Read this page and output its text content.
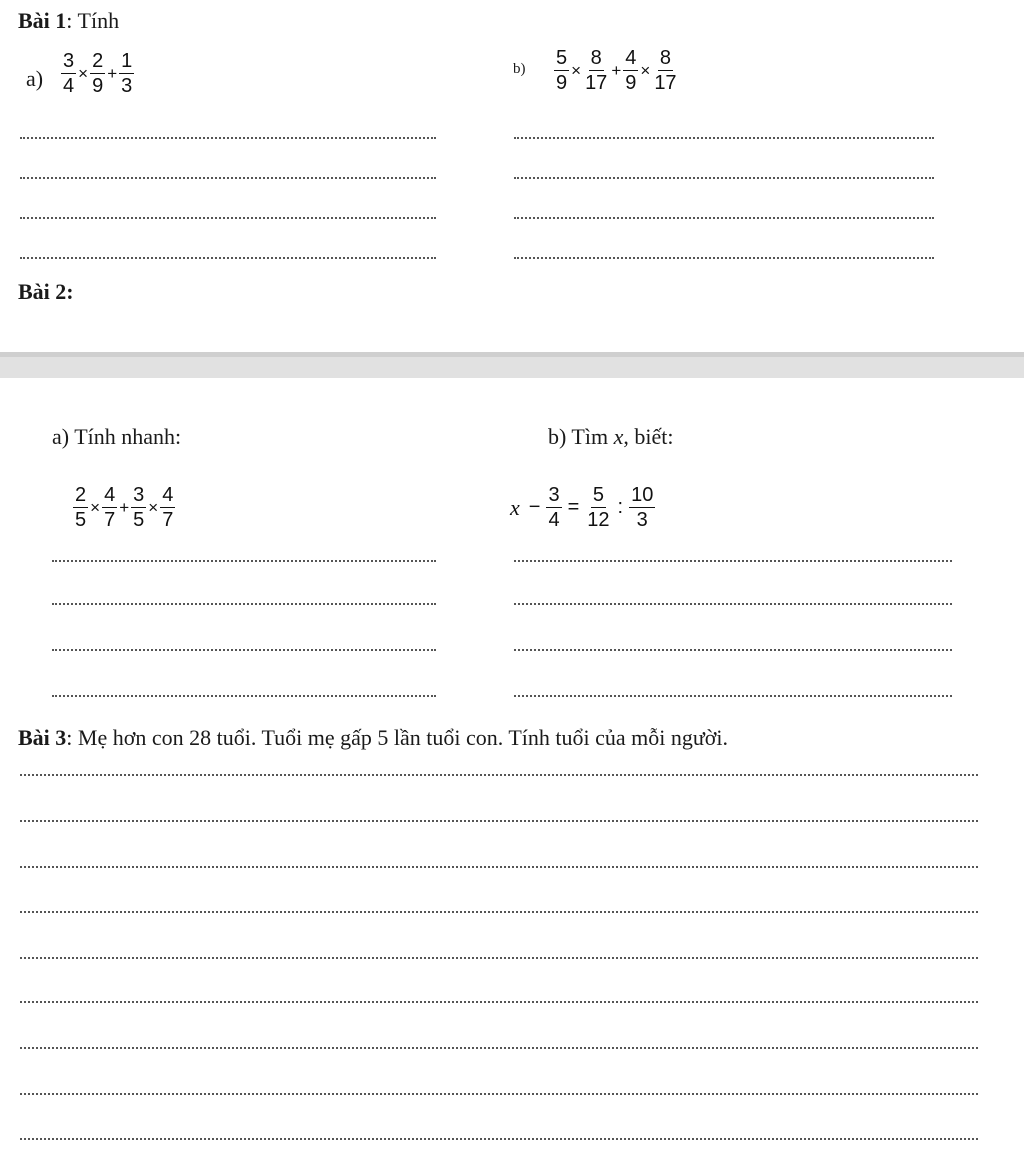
Bài 1: Tính
$a) \frac{3}{4} \times \frac{2}{9} + \frac{1}{3}$	$b) \frac{5}{9} \times \frac{8}{17} + \frac{4}{9} \times \frac{8}{17}$
Bài 2:
a) Tính nhanh:
$\frac{2}{5} \times \frac{4}{7} + \frac{3}{5} \times \frac{4}{7}$
b) Tìm x, biết:
$x - \frac{3}{4} = \frac{5}{12}$ : $\frac{10}{3}$
Bài 3: Mẹ hơn con 28 tuổi. Tuổi mẹ gấp 5 lần tuổi con. Tính tuổi của mỗi người.
